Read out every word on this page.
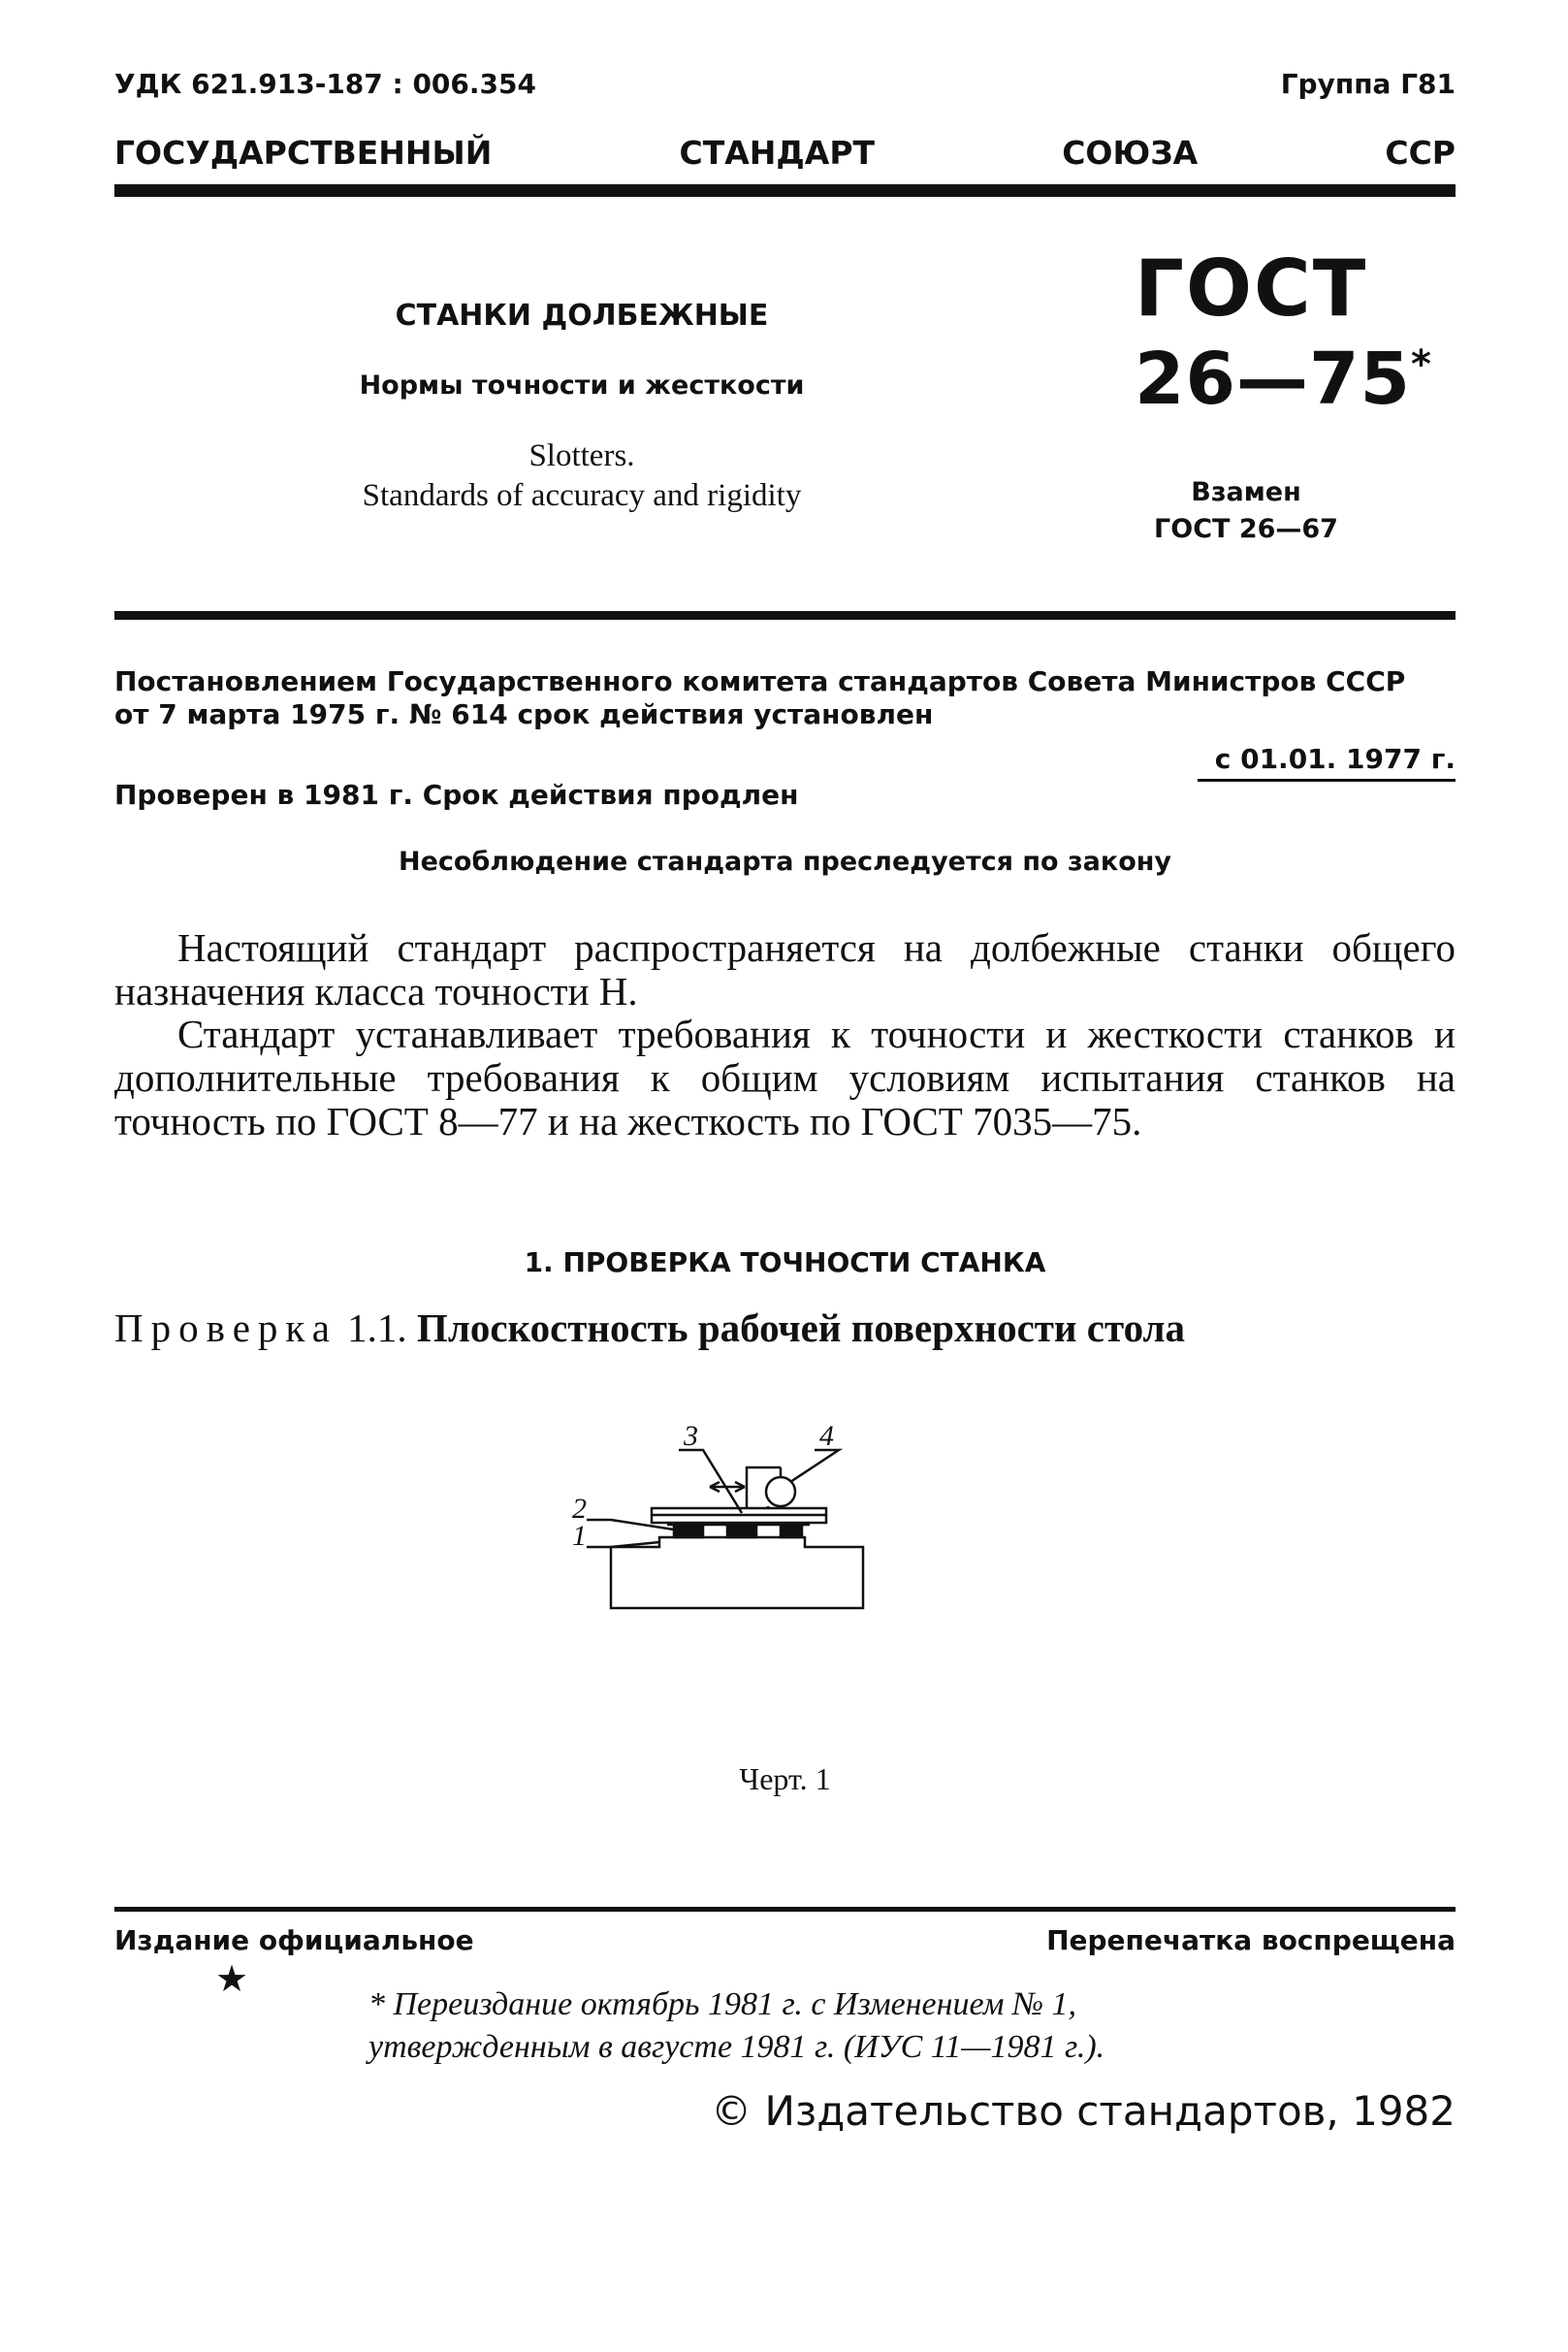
УДК 621.913-187 : 006.354	Группа Г81
ГОСУДАРСТВЕННЫЙ СТАНДАРТ СОЮЗА ССР
СТАНКИ ДОЛБЕЖНЫЕ
Нормы точности и жесткости
Slotters.
Standards of accuracy and rigidity
ГОСТ
26—75*
Взамен
ГОСТ 26—67
Постановлением Государственного комитета стандартов Совета Министров СССР
от 7 марта 1975 г. № 614 срок действия установлен
с 01.01. 1977 г.
Проверен в 1981 г. Срок действия продлен
Несоблюдение стандарта преследуется по закону
Настоящий стандарт распространяется на долбежные станки общего назначения класса точности Н.
Стандарт устанавливает требования к точности и жесткости станков и дополнительные требования к общим условиям испытания станков на точность по ГОСТ 8—77 и на жесткость по ГОСТ 7035—75.
1. ПРОВЕРКА ТОЧНОСТИ СТАНКА
Проверка 1.1. Плоскостность рабочей поверхности стола
3	4
2
1
Черт. 1
Издание официальное	Перепечатка воспрещена
★
* Переиздание октябрь 1981 г. с Изменением № 1,
утвержденным в августе 1981 г. (ИУС 11—1981 г.).
© Издательство стандартов, 1982
